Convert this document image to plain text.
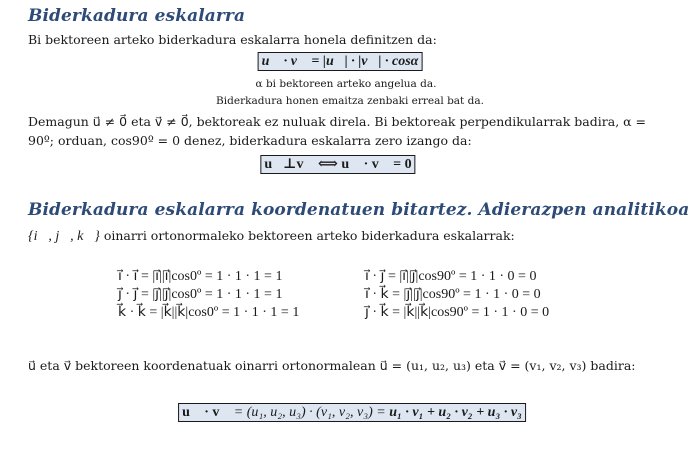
Biderkadura eskalarra
Bi bektoreen arteko biderkadura eskalarra honela definitzen da:
u⃗ · v⃗ = |u⃗| · |v⃗| · cosα
α bi bektoreen arteko angelua da.
Biderkadura honen emaitza zenbaki erreal bat da.
Demagun u⃗ ≠ 0⃗ eta v⃗ ≠ 0⃗, bektoreak ez nuluak direla. Bi bektoreak perpendikularrak badira, α =
90º; orduan, cos90º = 0 denez, biderkadura eskalarra zero izango da:
u⃗⊥v⃗ ⟺ u⃗ · v⃗ = 0
Biderkadura eskalarra koordenatuen bitartez. Adierazpen analitikoa
{i⃗, j⃗, k⃗} oinarri ortonormaleko bektoreen arteko biderkadura eskalarrak:
i⃗ · i⃗ = |i⃗||i⃗|cos0º = 1 · 1 · 1 = 1
j⃗ · j⃗ = |j⃗||j⃗|cos0º = 1 · 1 · 1 = 1
k⃗ · k⃗ = |k⃗||k⃗|cos0º = 1 · 1 · 1 = 1
i⃗ · j⃗ = |i⃗||j⃗|cos90º = 1 · 1 · 0 = 0
i⃗ · k⃗ = |j⃗||j⃗|cos90º = 1 · 1 · 0 = 0
j⃗ · k⃗ = |k⃗||k⃗|cos90º = 1 · 1 · 0 = 0
u⃗ eta v⃗ bektoreen koordenatuak oinarri ortonormalean u⃗ = (u₁, u₂, u₃) eta v⃗ = (v₁, v₂, v₃) badira:
u⃗ · v⃗ = (u₁, u₂, u₃) · (v₁, v₂, v₃) = u₁ · v₁ + u₂ · v₂ + u₃ · v₃
